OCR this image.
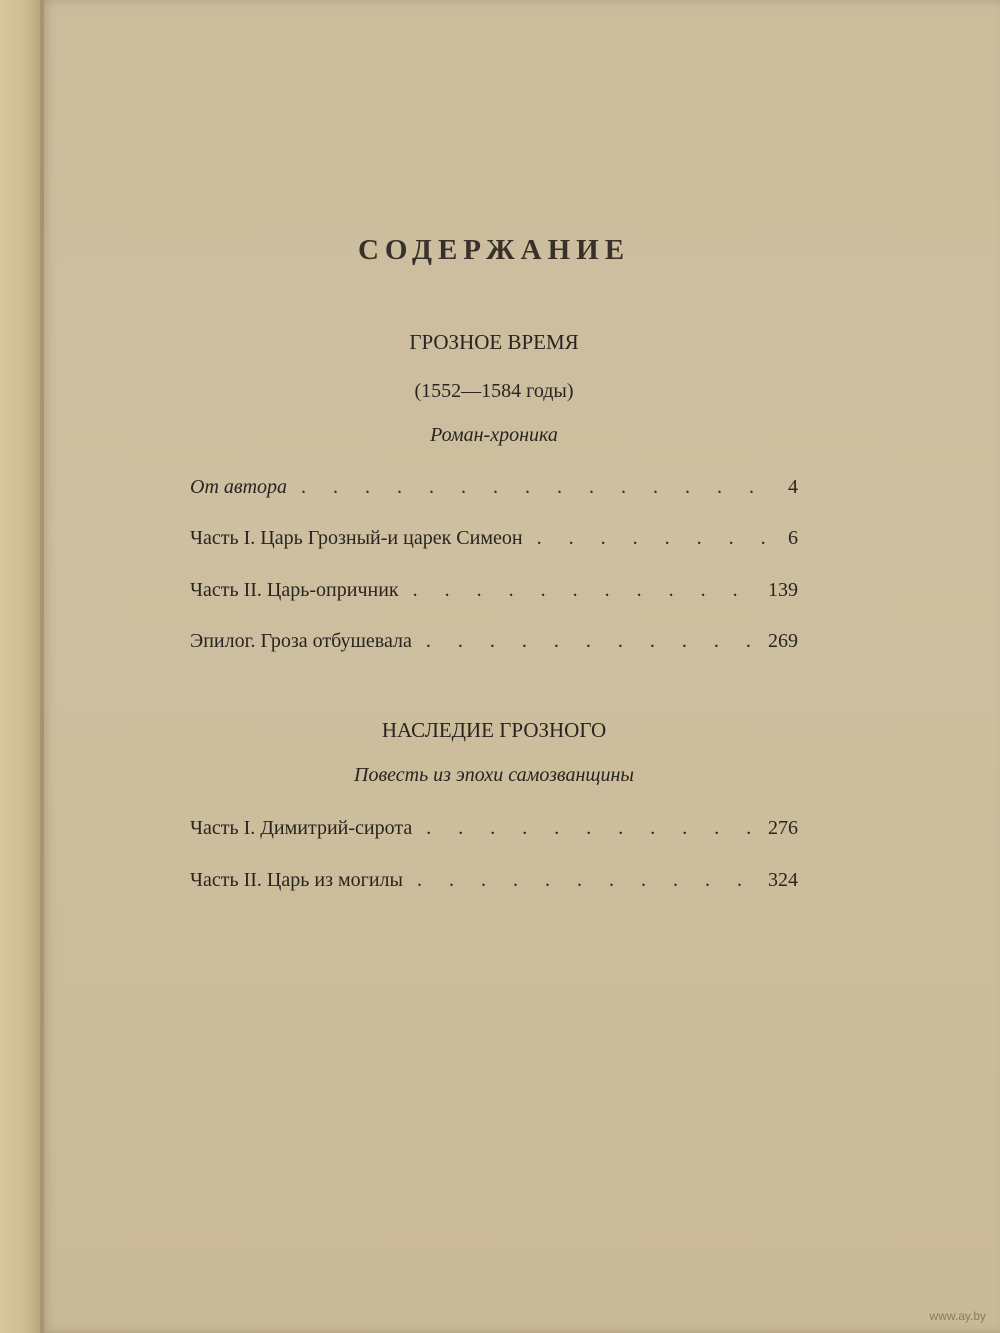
СОДЕРЖАНИЕ
ГРОЗНОЕ ВРЕМЯ
(1552—1584 годы)
Роман-хроника
От автора . . .	4
Часть I. Царь Грозный-и царек Симеон . . .	6
Часть II. Царь-опричник . . .	139
Эпилог. Гроза отбушевала . . .	269
НАСЛЕДИЕ ГРОЗНОГО
Повесть из эпохи самозванщины
Часть I. Димитрий-сирота . . .	276
Часть II. Царь из могилы . . .	324
www.ay.by
